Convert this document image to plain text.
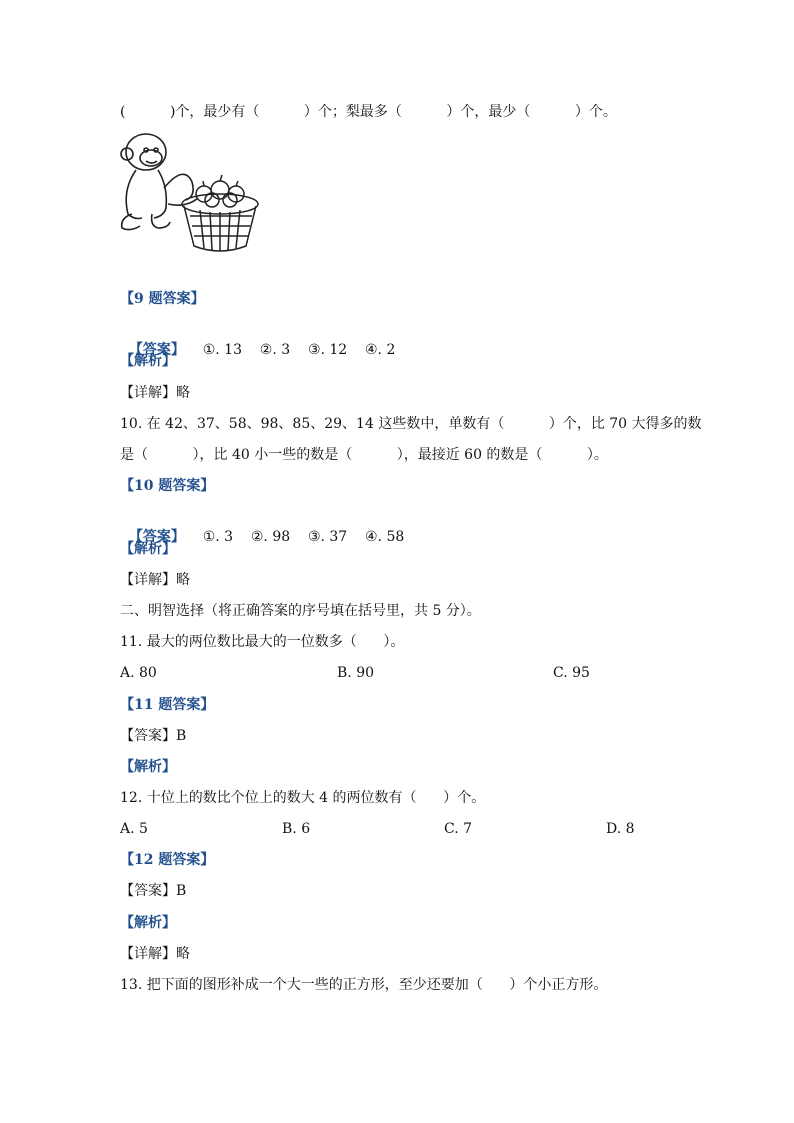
(          )个，最少有（          ）个；梨最多（          ）个，最少（          ）个。
【9 题答案】

【答案】 ①. 13    ②. 3    ③. 12    ④. 2

【解析】
【详解】略
10. 在 42、37、58、98、85、29、14 这些数中，单数有（          ）个，比 70 大得多的数
是（          ），比 40 小一些的数是（          ），最接近 60 的数是（          ）。
【10 题答案】

【答案】 ①. 3    ②. 98    ③. 37    ④. 58

【解析】
【详解】略
二、明智选择（将正确答案的序号填在括号里，共 5 分）。
11. 最大的两位数比最大的一位数多（      ）。
A. 80	B. 90	C. 95
【11 题答案】
【答案】B
【解析】
12. 十位上的数比个位上的数大 4 的两位数有（      ）个。
A. 5	B. 6	C. 7	D. 8
【12 题答案】
【答案】B
【解析】
【详解】略
13. 把下面的图形补成一个大一些的正方形，至少还要加（      ）个小正方形。
